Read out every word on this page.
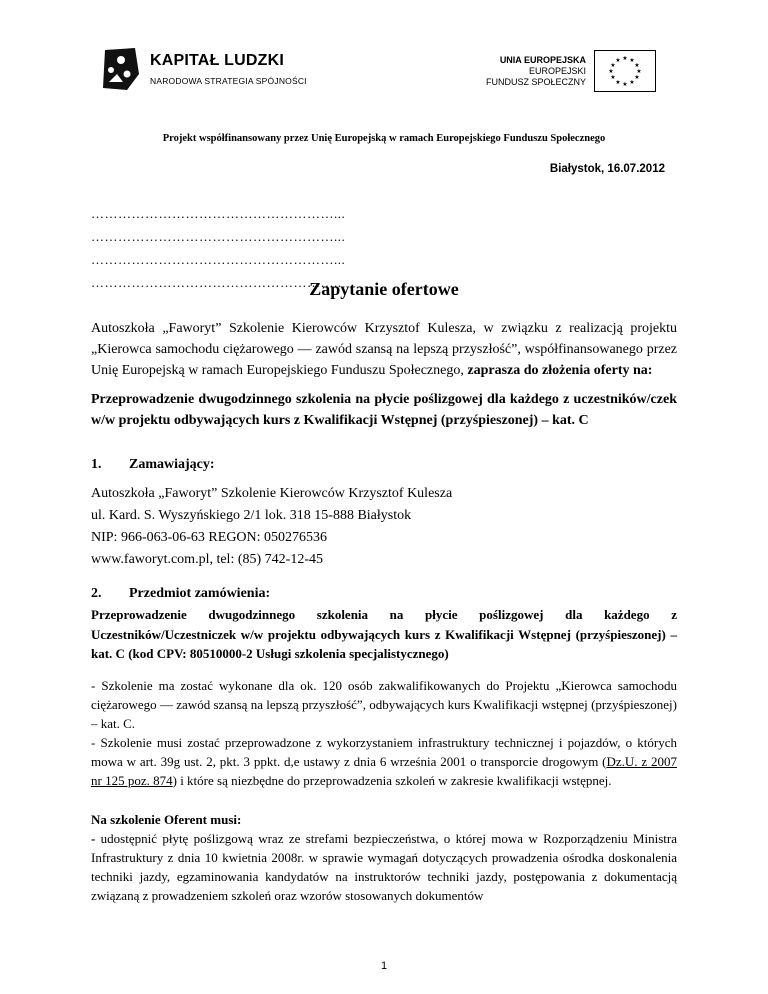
KAPITAŁ LUDZKI
NARODOWA STRATEGIA SPÓJNOŚCI
UNIA EUROPEJSKA
EUROPEJSKI
FUNDUSZ SPOŁECZNY
★ ★
★
★
★
★
★
★
★
★
★
★
Projekt współfinansowany przez Unię Europejską w ramach Europejskiego Funduszu Społecznego
Białystok, 16.07.2012
………………………………………………...
………………………………………………...
………………………………………………...
………………………………………………..
Zapytanie ofertowe
Autoszkoła „Faworyt” Szkolenie Kierowców Krzysztof Kulesza, w związku z realizacją projektu „Kierowca samochodu ciężarowego — zawód szansą na lepszą przyszłość”, współfinansowanego przez Unię Europejską w ramach Europejskiego Funduszu Społecznego, zaprasza do złożenia oferty na:
Przeprowadzenie dwugodzinnego szkolenia na płycie poślizgowej dla każdego z uczestników/czek w/w projektu odbywających kurs z Kwalifikacji Wstępnej (przyśpieszonej) – kat. C
1. Zamawiający:
Autoszkoła „Faworyt” Szkolenie Kierowców Krzysztof Kulesza
ul. Kard. S. Wyszyńskiego 2/1 lok. 318 15-888 Białystok
NIP: 966-063-06-63 REGON: 050276536
www.faworyt.com.pl, tel: (85) 742-12-45
2. Przedmiot zamówienia:
Przeprowadzenie dwugodzinnego szkolenia na płycie poślizgowej dla każdego z Uczestników/Uczestniczek w/w projektu odbywających kurs z Kwalifikacji Wstępnej (przyśpieszonej) – kat. C (kod CPV: 80510000-2 Usługi szkolenia specjalistycznego)
- Szkolenie ma zostać wykonane dla ok. 120 osób zakwalifikowanych do Projektu „Kierowca samochodu ciężarowego — zawód szansą na lepszą przyszłość”, odbywających kurs Kwalifikacji wstępnej (przyśpieszonej) – kat. C.
- Szkolenie musi zostać przeprowadzone z wykorzystaniem infrastruktury technicznej i pojazdów, o których mowa w art. 39g ust. 2, pkt. 3 ppkt. d,e ustawy z dnia 6 września 2001 o transporcie drogowym (Dz.U. z 2007 nr 125 poz. 874) i które są niezbędne do przeprowadzenia szkoleń w zakresie kwalifikacji wstępnej.
Na szkolenie Oferent musi:
- udostępnić płytę poślizgową wraz ze strefami bezpieczeństwa, o której mowa w Rozporządzeniu Ministra Infrastruktury z dnia 10 kwietnia 2008r. w sprawie wymagań dotyczących prowadzenia ośrodka doskonalenia techniki jazdy, egzaminowania kandydatów na instruktorów techniki jazdy, postępowania z dokumentacją związaną z prowadzeniem szkoleń oraz wzorów stosowanych dokumentów
1
